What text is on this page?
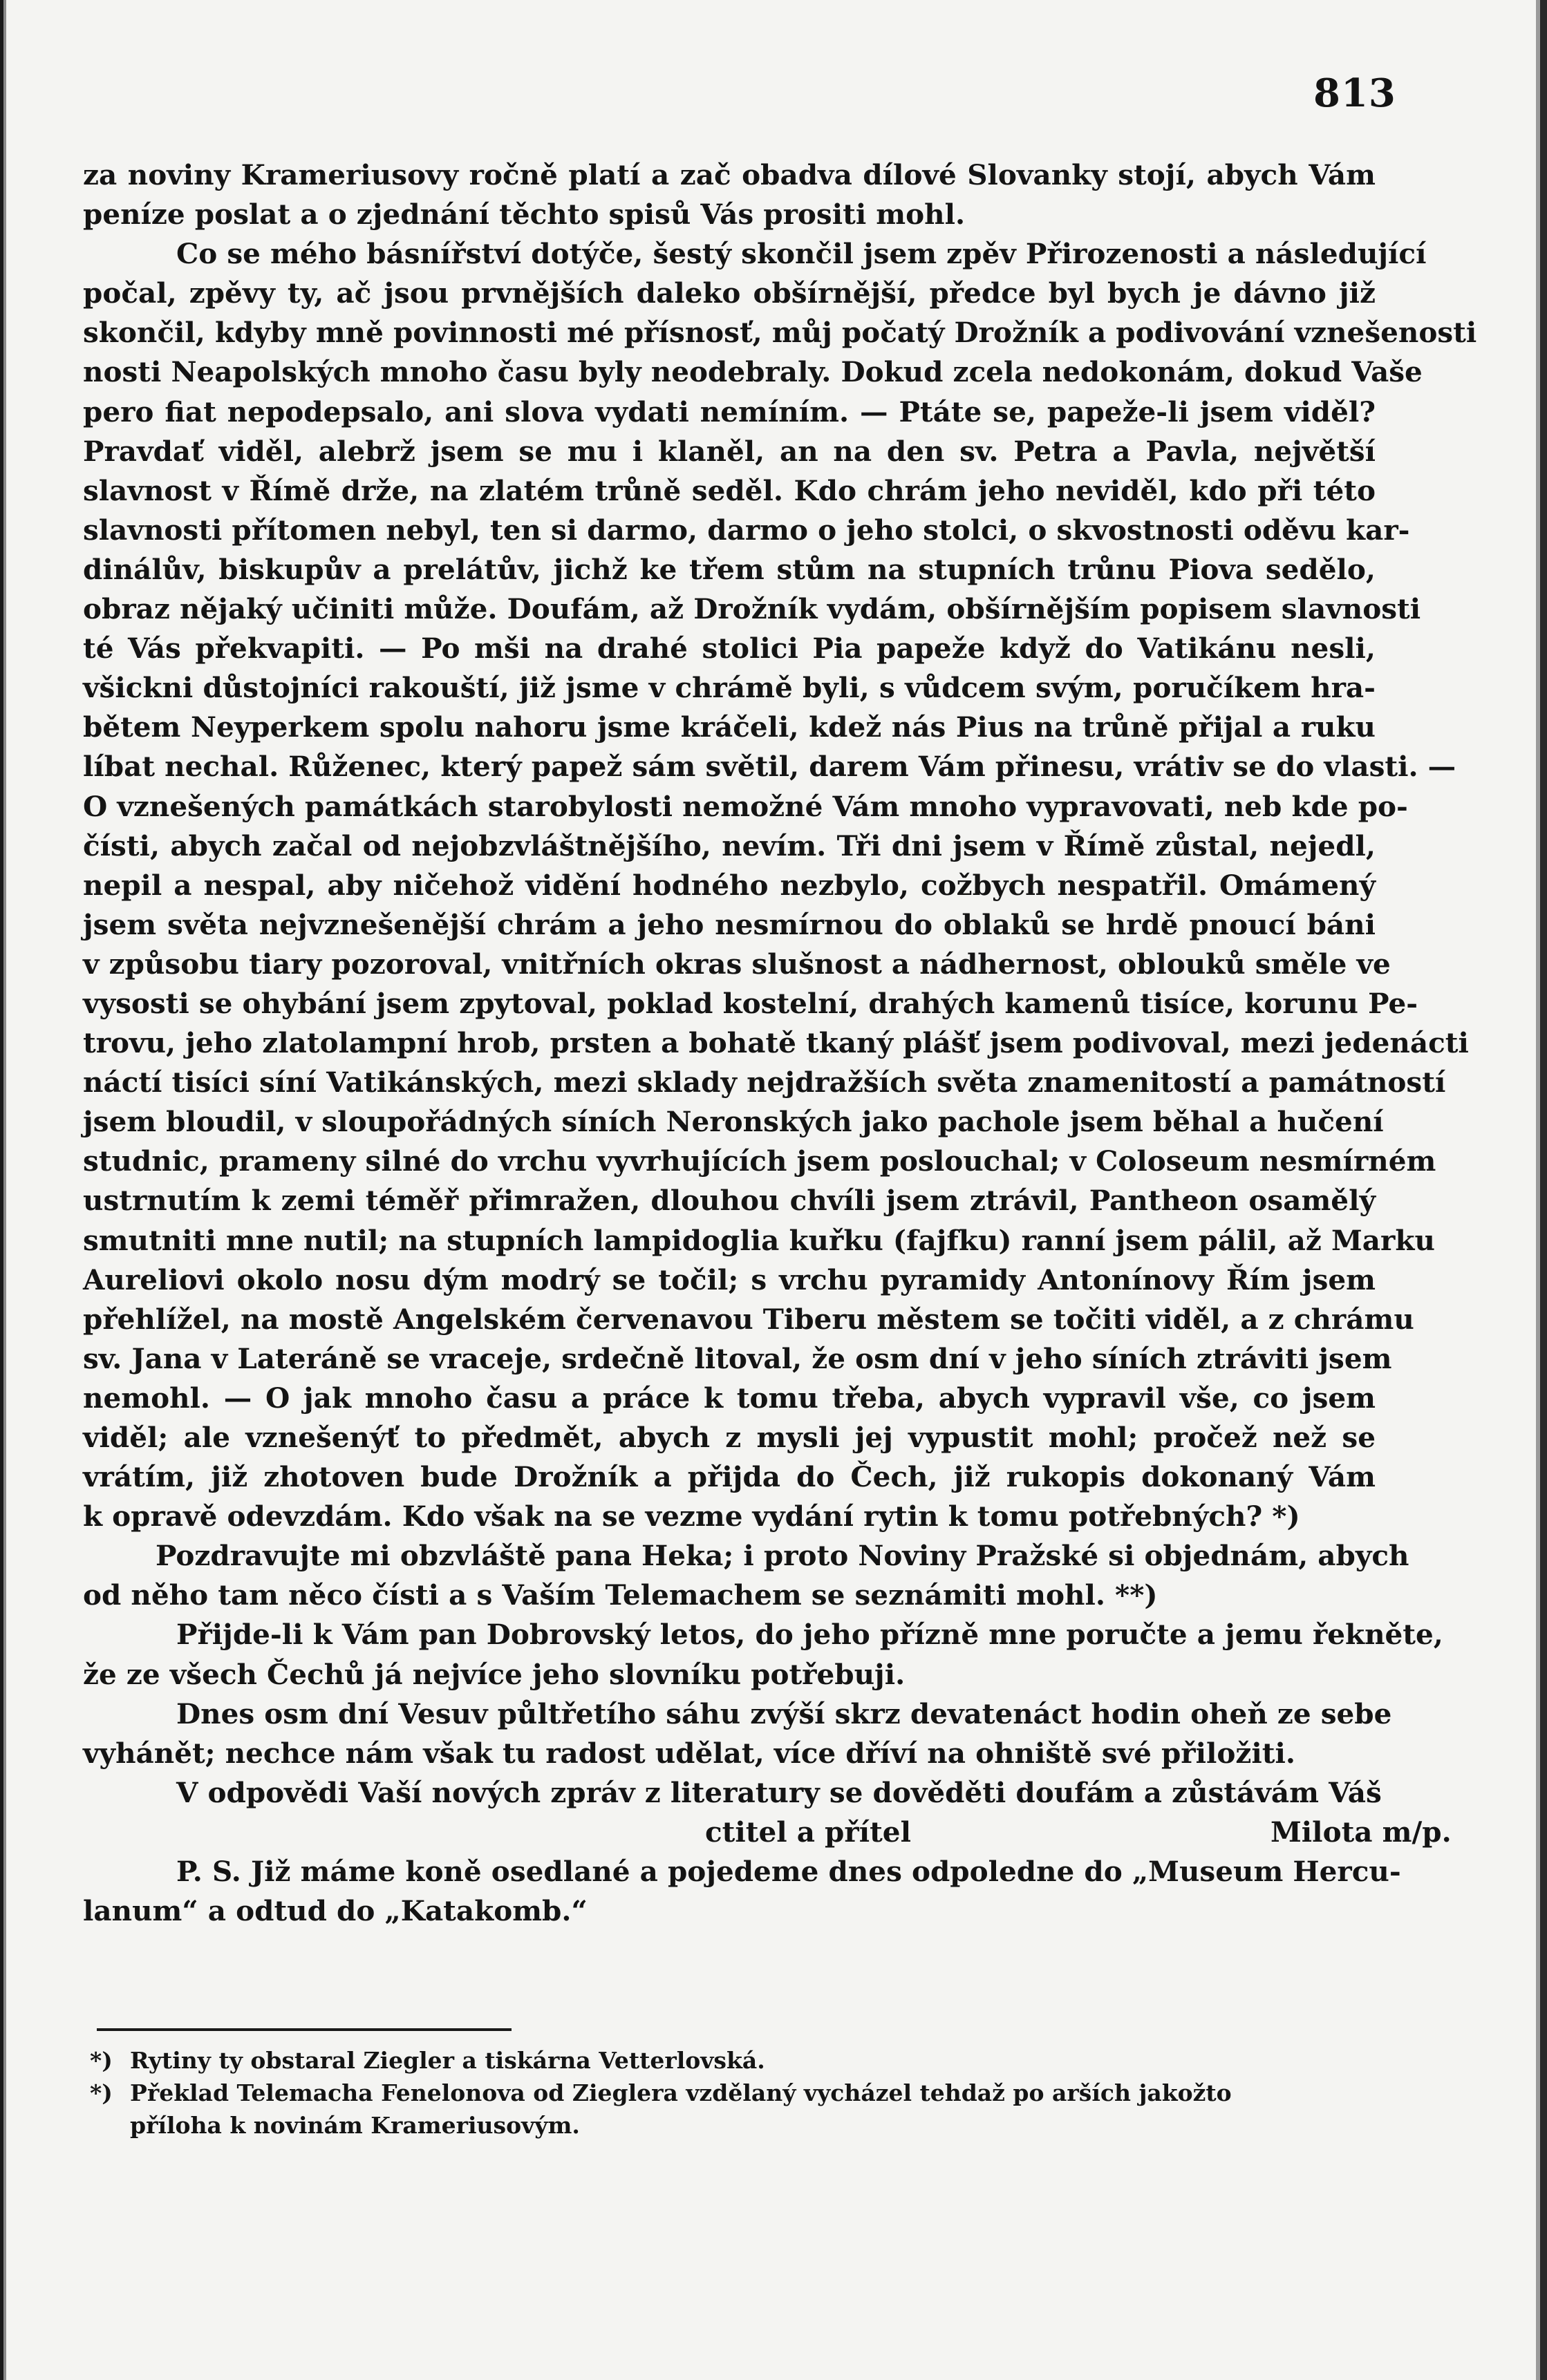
813
za noviny Krameriusovy ročně platí a zač obadva dílové Slovanky stojí, abych Vám
peníze poslat a o zjednání těchto spisů Vás prositi mohl.
Co se mého básnířství dotýče, šestý skončil jsem zpěv Přirozenosti a následující
počal, zpěvy ty, ač jsou prvnějších daleko obšírnější, předce byl bych je dávno již
skončil, kdyby mně povinnosti mé přísnosť, můj počatý Drožník a podivování vznešenosti
nosti Neapolských mnoho času byly neodebraly. Dokud zcela nedokonám, dokud Vaše
pero fiat nepodepsalo, ani slova vydati nemíním. — Ptáte se, papeže-li jsem viděl?
Pravdať viděl, alebrž jsem se mu i klaněl, an na den sv. Petra a Pavla, největší
slavnost v Římě drže, na zlatém trůně seděl. Kdo chrám jeho neviděl, kdo při této
slavnosti přítomen nebyl, ten si darmo, darmo o jeho stolci, o skvostnosti oděvu kar-
dinálův, biskupův a prelátův, jichž ke třem stům na stupních trůnu Piova sedělo,
obraz nějaký učiniti může. Doufám, až Drožník vydám, obšírnějším popisem slavnosti
té Vás překvapiti. — Po mši na drahé stolici Pia papeže když do Vatikánu nesli,
všickni důstojníci rakouští, již jsme v chrámě byli, s vůdcem svým, poručíkem hra-
bětem Neyperkem spolu nahoru jsme kráčeli, kdež nás Pius na trůně přijal a ruku
líbat nechal. Růženec, který papež sám světil, darem Vám přinesu, vrátiv se do vlasti. —
O vznešených památkách starobylosti nemožné Vám mnoho vypravovati, neb kde po-
čísti, abych začal od nejobzvláštnějšího, nevím. Tři dni jsem v Římě zůstal, nejedl,
nepil a nespal, aby ničehož vidění hodného nezbylo, cožbych nespatřil. Omámený
jsem světa nejvznešenější chrám a jeho nesmírnou do oblaků se hrdě pnoucí báni
v způsobu tiary pozoroval, vnitřních okras slušnost a nádhernost, oblouků směle ve
vysosti se ohybání jsem zpytoval, poklad kostelní, drahých kamenů tisíce, korunu Pe-
trovu, jeho zlatolampní hrob, prsten a bohatě tkaný plášť jsem podivoval, mezi jedenácti
náctí tisíci síní Vatikánských, mezi sklady nejdražších světa znamenitostí a památností
jsem bloudil, v sloupořádných síních Neronských jako pachole jsem běhal a hučení
studnic, prameny silné do vrchu vyvrhujících jsem poslouchal; v Coloseum nesmírném
ustrnutím k zemi téměř přimražen, dlouhou chvíli jsem ztrávil, Pantheon osamělý
smutniti mne nutil; na stupních lampidoglia kuřku (fajfku) ranní jsem pálil, až Marku
Aureliovi okolo nosu dým modrý se točil; s vrchu pyramidy Antonínovy Řím jsem
přehlížel, na mostě Angelském červenavou Tiberu městem se točiti viděl, a z chrámu
sv. Jana v Lateráně se vraceje, srdečně litoval, že osm dní v jeho síních ztráviti jsem
nemohl. — O jak mnoho času a práce k tomu třeba, abych vypravil vše, co jsem
viděl; ale vznešenýť to předmět, abych z mysli jej vypustit mohl; pročež než se
vrátím, již zhotoven bude Drožník a přijda do Čech, již rukopis dokonaný Vám
k opravě odevzdám. Kdo však na se vezme vydání rytin k tomu potřebných? *)
Pozdravujte mi obzvláště pana Heka; i proto Noviny Pražské si objednám, abych
od něho tam něco čísti a s Vaším Telemachem se seznámiti mohl. **)
Přijde-li k Vám pan Dobrovský letos, do jeho přízně mne poručte a jemu řekněte,
že ze všech Čechů já nejvíce jeho slovníku potřebuji.
Dnes osm dní Vesuv půltřetího sáhu zvýší skrz devatenáct hodin oheň ze sebe
vyhánět; nechce nám však tu radost udělat, více dříví na ohniště své přiložiti.
V odpovědi Vaší nových zpráv z literatury se dověděti doufám a zůstávám Váš
ctitel a přítel	Milota m/p.
P. S. Již máme koně osedlané a pojedeme dnes odpoledne do „Museum Hercu-
lanum“ a odtud do „Katakomb.“
*) Rytiny ty obstaral Ziegler a tiskárna Vetterlovská.
*) Překlad Telemacha Fenelonova od Zieglera vzdělaný vycházel tehdaž po arších jakožto
příloha k novinám Krameriusovým.
